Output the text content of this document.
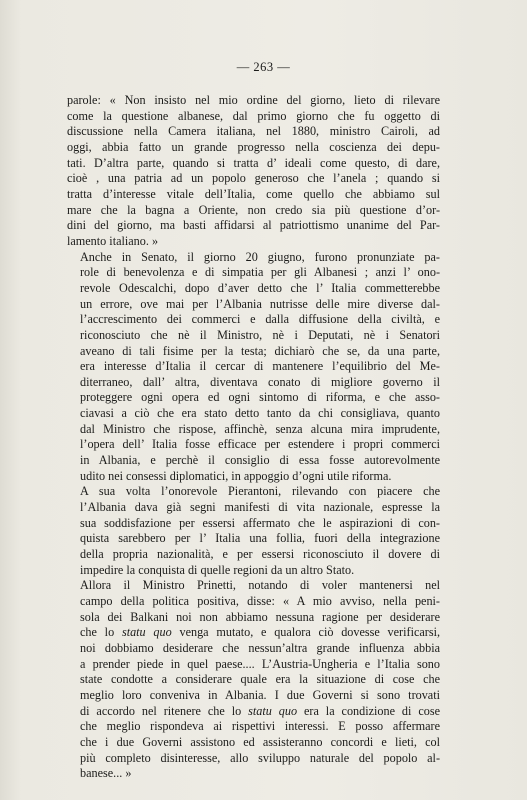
— 263 —
parole: « Non insisto nel mio ordine del giorno, lieto di rilevare
come la questione albanese, dal primo giorno che fu oggetto di
discussione nella Camera italiana, nel 1880, ministro Cairoli, ad
oggi, abbia fatto un grande progresso nella coscienza dei depu-
tati. D’altra parte, quando si tratta d’ ideali come questo, di dare,
cioè , una patria ad un popolo generoso che l’anela ; quando si
tratta d’interesse vitale dell’Italia, come quello che abbiamo sul
mare che la bagna a Oriente, non credo sia più questione d’or-
dini del giorno, ma basti affidarsi al patriottismo unanime del Par-
lamento italiano. »
Anche in Senato, il giorno 20 giugno, furono pronunziate pa-
role di benevolenza e di simpatia per gli Albanesi ; anzi l’ ono-
revole Odescalchi, dopo d’aver detto che l’ Italia commetterebbe
un errore, ove mai per l’Albania nutrisse delle mire diverse dal-
l’accrescimento dei commerci e dalla diffusione della civiltà, e
riconosciuto che nè il Ministro, nè i Deputati, nè i Senatori
aveano di tali fisime per la testa; dichiarò che se, da una parte,
era interesse d’Italia il cercar di mantenere l’equilibrio del Me-
diterraneo, dall’ altra, diventava conato di migliore governo il
proteggere ogni opera ed ogni sintomo di riforma, e che asso-
ciavasi a ciò che era stato detto tanto da chi consigliava, quanto
dal Ministro che rispose, affinchè, senza alcuna mira imprudente,
l’opera dell’ Italia fosse efficace per estendere i propri commerci
in Albania, e perchè il consiglio di essa fosse autorevolmente
udito nei consessi diplomatici, in appoggio d’ogni utile riforma.
A sua volta l’onorevole Pierantoni, rilevando con piacere che
l’Albania dava già segni manifesti di vita nazionale, espresse la
sua soddisfazione per essersi affermato che le aspirazioni di con-
quista sarebbero per l’ Italia una follia, fuori della integrazione
della propria nazionalità, e per essersi riconosciuto il dovere di
impedire la conquista di quelle regioni da un altro Stato.
Allora il Ministro Prinetti, notando di voler mantenersi nel
campo della politica positiva, disse: « A mio avviso, nella peni-
sola dei Balkani noi non abbiamo nessuna ragione per desiderare
che lo statu quo venga mutato, e qualora ciò dovesse verificarsi,
noi dobbiamo desiderare che nessun’altra grande influenza abbia
a prender piede in quel paese.... L’Austria-Ungheria e l’Italia sono
state condotte a considerare quale era la situazione di cose che
meglio loro conveniva in Albania. I due Governi si sono trovati
di accordo nel ritenere che lo statu quo era la condizione di cose
che meglio rispondeva ai rispettivi interessi. E posso affermare
che i due Governi assistono ed assisteranno concordi e lieti, col
più completo disinteresse, allo sviluppo naturale del popolo al-
banese... »
